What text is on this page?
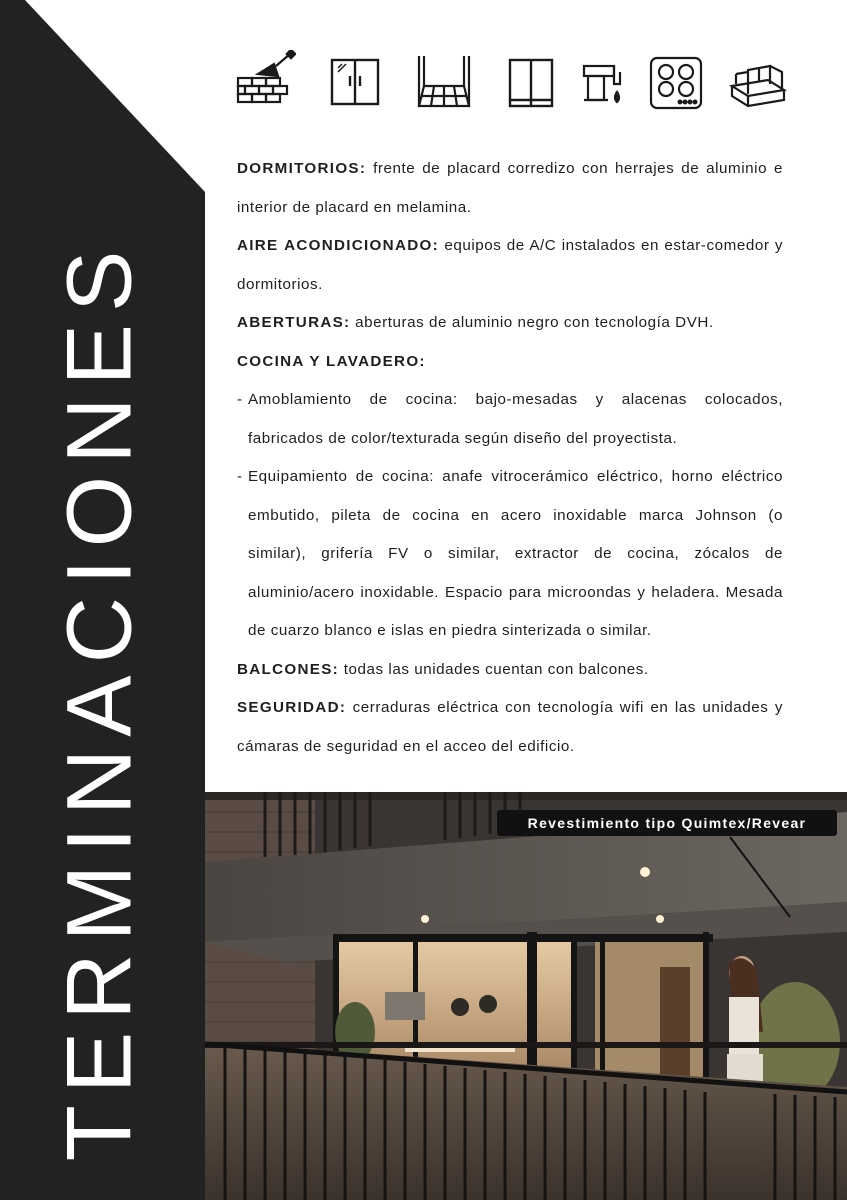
TERMINACIONES

DORMITORIOS: frente de placard corredizo con herrajes de aluminio e interior de placard en melamina.

AIRE ACONDICIONADO: equipos de A/C instalados en estar-comedor y dormitorios.

ABERTURAS: aberturas de aluminio negro con tecnología DVH.

COCINA Y LAVADERO:

- Amoblamiento de cocina: bajo-mesadas y alacenas colocados, fabricados de color/texturada según diseño del proyectista.
- Equipamiento de cocina: anafe vitrocerámico eléctrico, horno eléctrico embutido, pileta de cocina en acero inoxidable marca Johnson (o similar), grifería FV o similar, extractor de cocina, zócalos de aluminio/acero inoxidable. Espacio para microondas y heladera. Mesada de cuarzo blanco e islas en piedra sinterizada o similar.

BALCONES: todas las unidades cuentan con balcones.

SEGURIDAD: cerraduras eléctrica con tecnología wifi en las unidades y cámaras de seguridad en el acceo del edificio.

Revestimiento tipo Quimtex/Revear
